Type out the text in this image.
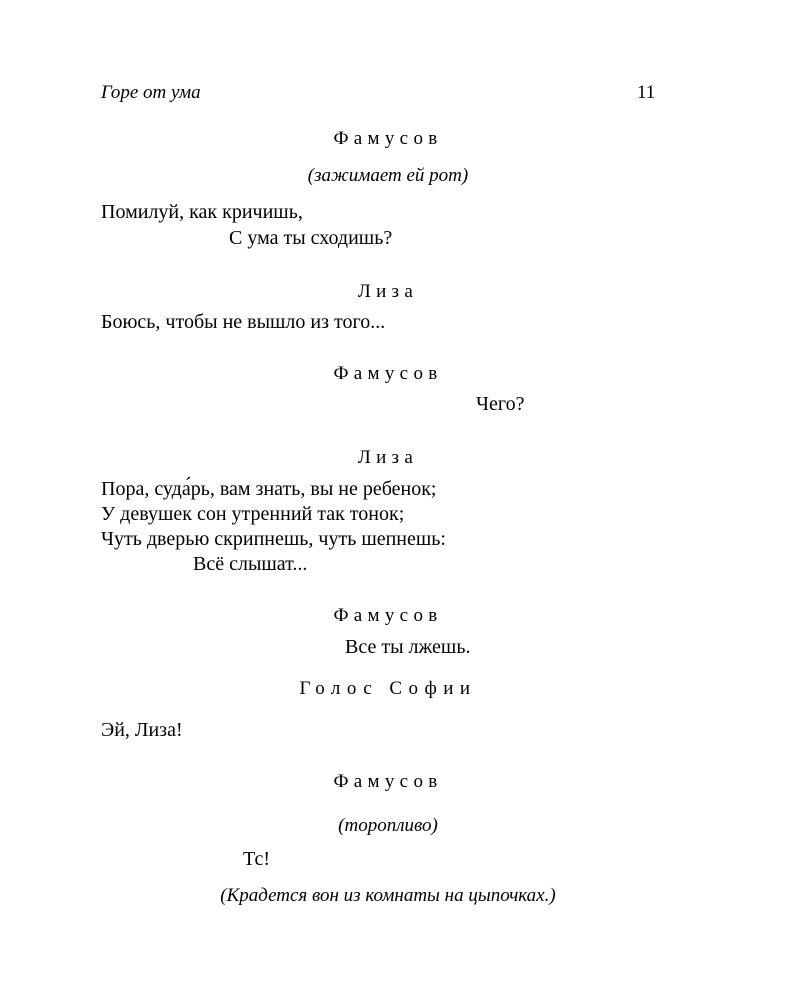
Горе от ума	11
Фамусов
(зажимает ей рот)
Помилуй, как кричишь,
С ума ты сходишь?
Лиза
Боюсь, чтобы не вышло из того...
Фамусов
Чего?
Лиза
Пора, суда́рь, вам знать, вы не ребенок;
У девушек сон утренний так тонок;
Чуть дверью скрипнешь, чуть шепнешь:
Всё слышат...
Фамусов
Все ты лжешь.
Голос Софии
Эй, Лиза!
Фамусов
(торопливо)
Тс!
(Крадется вон из комнаты на цыпочках.)
